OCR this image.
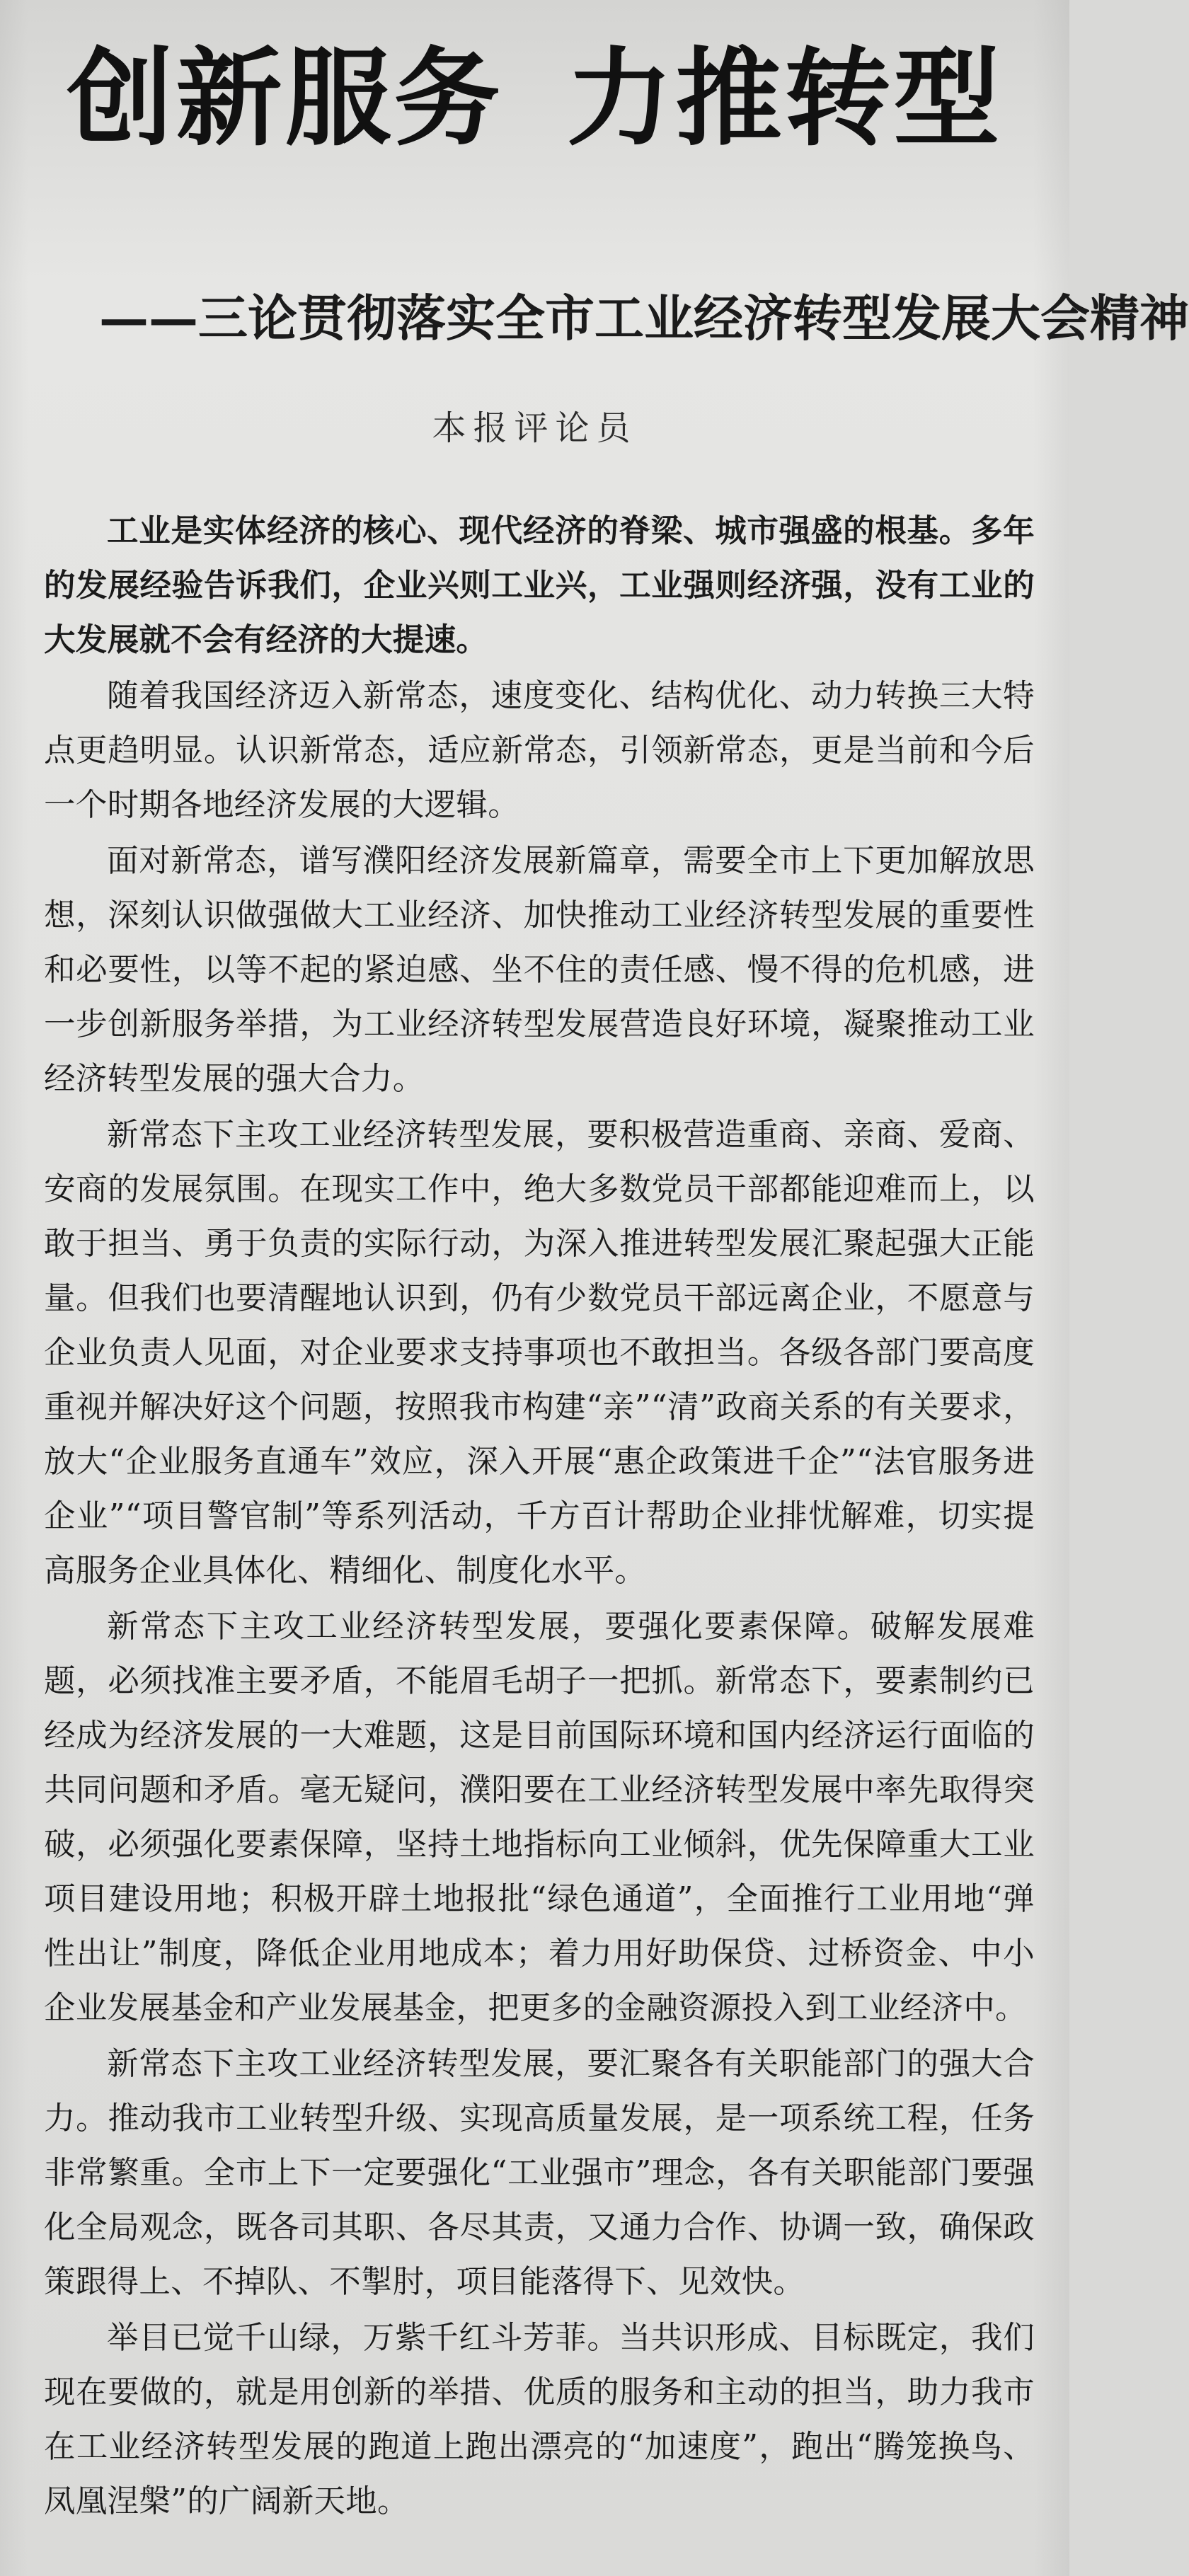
创新服务 力推转型
——三论贯彻落实全市工业经济转型发展大会精神
本报评论员

工业是实体经济的核心、现代经济的脊梁、城市强盛的根基。多年的发展经验告诉我们，企业兴则工业兴，工业强则经济强，没有工业的大发展就不会有经济的大提速。

随着我国经济迈入新常态，速度变化、结构优化、动力转换三大特点更趋明显。认识新常态，适应新常态，引领新常态，更是当前和今后一个时期各地经济发展的大逻辑。

面对新常态，谱写濮阳经济发展新篇章，需要全市上下更加解放思想，深刻认识做强做大工业经济、加快推动工业经济转型发展的重要性和必要性，以等不起的紧迫感、坐不住的责任感、慢不得的危机感，进一步创新服务举措，为工业经济转型发展营造良好环境，凝聚推动工业经济转型发展的强大合力。

新常态下主攻工业经济转型发展，要积极营造重商、亲商、爱商、安商的发展氛围。在现实工作中，绝大多数党员干部都能迎难而上，以敢于担当、勇于负责的实际行动，为深入推进转型发展汇聚起强大正能量。但我们也要清醒地认识到，仍有少数党员干部远离企业，不愿意与企业负责人见面，对企业要求支持事项也不敢担当。各级各部门要高度重视并解决好这个问题，按照我市构建“亲”“清”政商关系的有关要求，放大“企业服务直通车”效应，深入开展“惠企政策进千企”“法官服务进企业”“项目警官制”等系列活动，千方百计帮助企业排忧解难，切实提高服务企业具体化、精细化、制度化水平。

新常态下主攻工业经济转型发展，要强化要素保障。破解发展难题，必须找准主要矛盾，不能眉毛胡子一把抓。新常态下，要素制约已经成为经济发展的一大难题，这是目前国际环境和国内经济运行面临的共同问题和矛盾。毫无疑问，濮阳要在工业经济转型发展中率先取得突破，必须强化要素保障，坚持土地指标向工业倾斜，优先保障重大工业项目建设用地；积极开辟土地报批“绿色通道”，全面推行工业用地“弹性出让”制度，降低企业用地成本；着力用好助保贷、过桥资金、中小企业发展基金和产业发展基金，把更多的金融资源投入到工业经济中。

新常态下主攻工业经济转型发展，要汇聚各有关职能部门的强大合力。推动我市工业转型升级、实现高质量发展，是一项系统工程，任务非常繁重。全市上下一定要强化“工业强市”理念，各有关职能部门要强化全局观念，既各司其职、各尽其责，又通力合作、协调一致，确保政策跟得上、不掉队、不掣肘，项目能落得下、见效快。

举目已觉千山绿，万紫千红斗芳菲。当共识形成、目标既定，我们现在要做的，就是用创新的举措、优质的服务和主动的担当，助力我市在工业经济转型发展的跑道上跑出漂亮的“加速度”，跑出“腾笼换鸟、凤凰涅槃”的广阔新天地。
